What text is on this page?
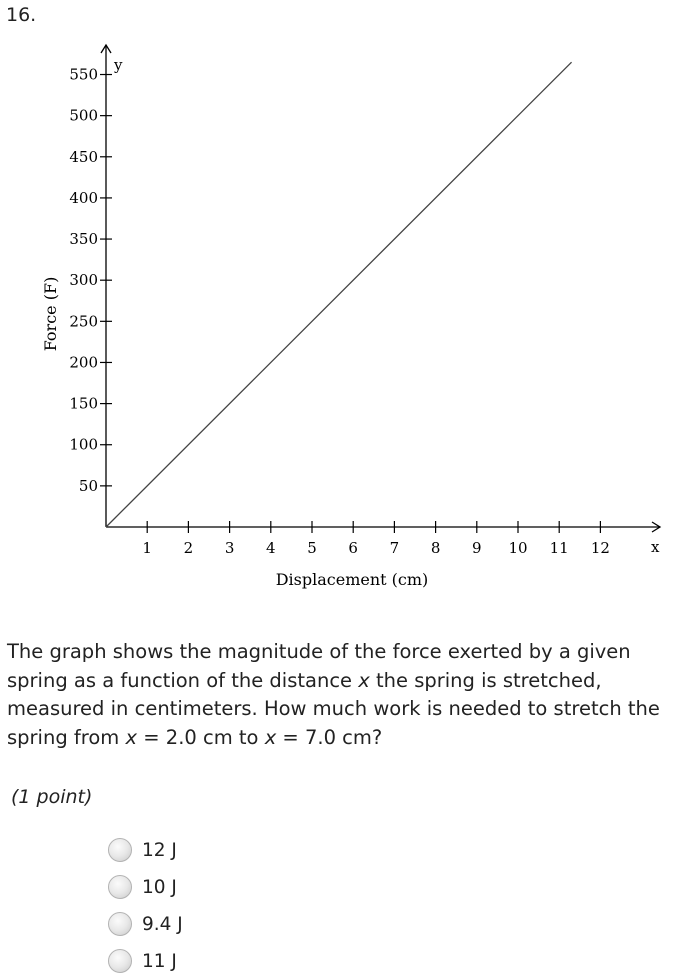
16.
50
100
150
200
250
300
350
400
450
500
550
1 2 3 4 5 6 7 8 9 10 11 12
Force (F)
Displacement (cm)
y
x

The graph shows the magnitude of the force exerted by a given spring as a function of the distance x the spring is stretched, measured in centimeters. How much work is needed to stretch the spring from x = 2.0 cm to x = 7.0 cm?

(1 point)
12 J
10 J
9.4 J
11 J
